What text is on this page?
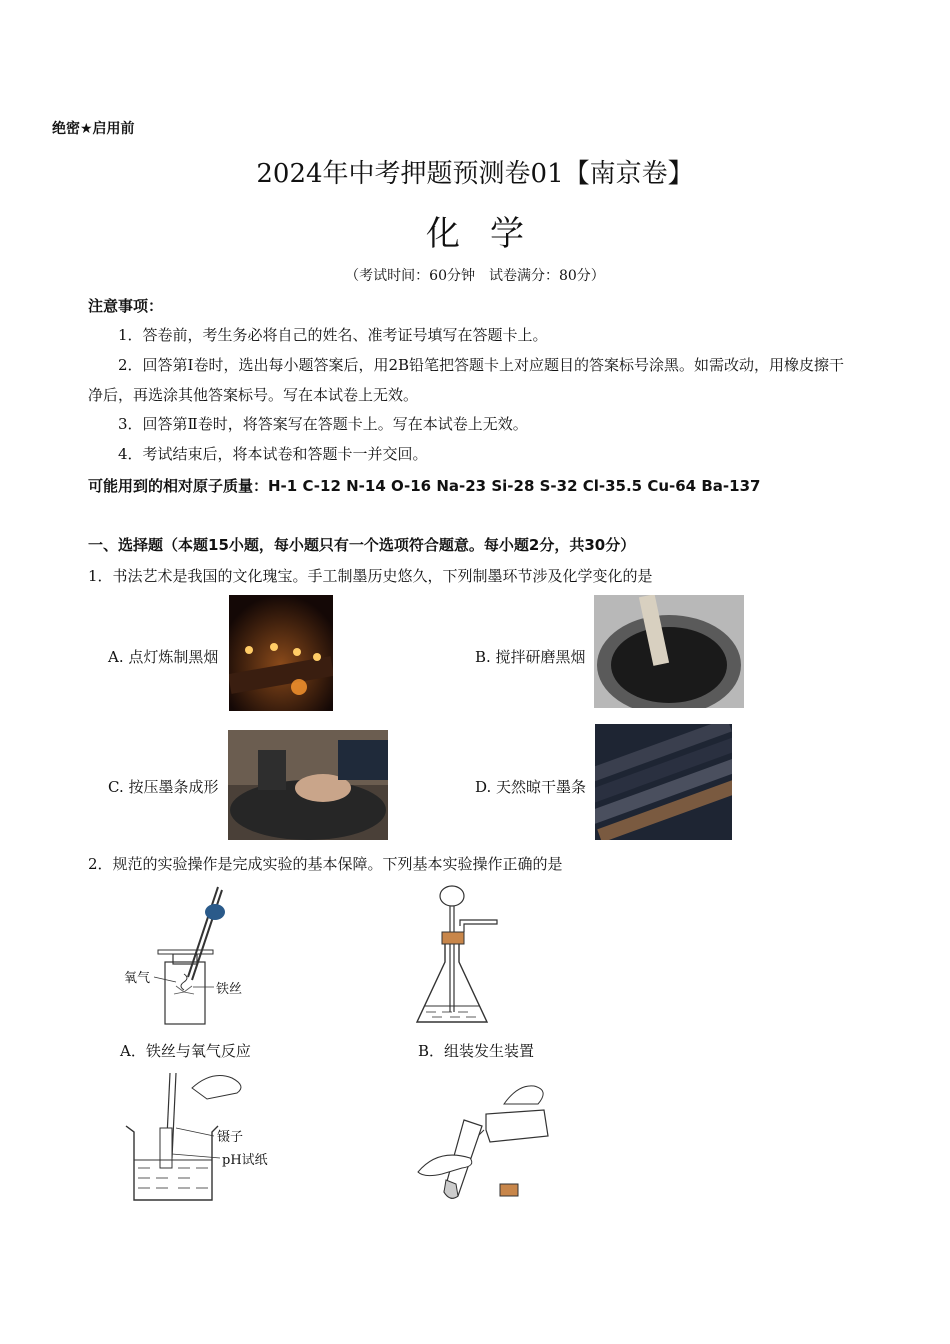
绝密★启用前
2024年中考押题预测卷01【南京卷】
化学
（考试时间：60分钟　试卷满分：80分）
注意事项：
1．答卷前，考生务必将自己的姓名、准考证号填写在答题卡上。
2．回答第Ⅰ卷时，选出每小题答案后，用2B铅笔把答题卡上对应题目的答案标号涂黑。如需改动，用橡皮擦干净后，再选涂其他答案标号。写在本试卷上无效。
3．回答第Ⅱ卷时，将答案写在答题卡上。写在本试卷上无效。
4．考试结束后，将本试卷和答题卡一并交回。
可能用到的相对原子质量：H-1 C-12 N-14 O-16 Na-23 Si-28 S-32 Cl-35.5 Cu-64 Ba-137
一、选择题（本题15小题，每小题只有一个选项符合题意。每小题2分，共30分）
1．书法艺术是我国的文化瑰宝。手工制墨历史悠久，下列制墨环节涉及化学变化的是
A. 点灯炼制黑烟	B. 搅拌研磨黑烟
C. 按压墨条成形	D. 天然晾干墨条
2．规范的实验操作是完成实验的基本保障。下列基本实验操作正确的是
氧气
铁丝
A．铁丝与氧气反应	B．组装发生装置
镊子
pH试纸
